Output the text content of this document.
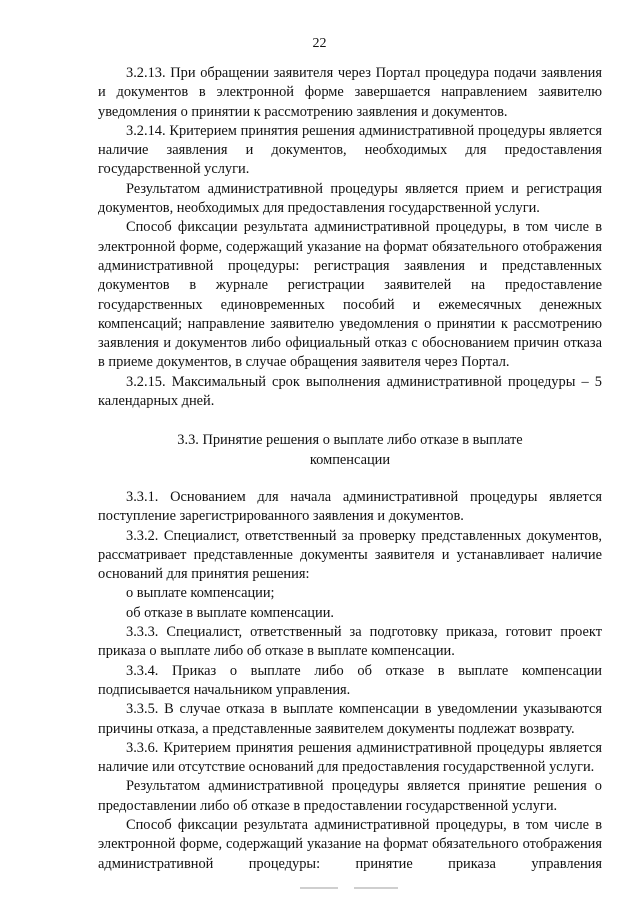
22

3.2.13. При обращении заявителя через Портал процедура подачи заявления и документов в электронной форме завершается направлением заявителю уведомления о принятии к рассмотрению заявления и документов.

3.2.14. Критерием принятия решения административной процедуры является наличие заявления и документов, необходимых для предоставления государственной услуги.

Результатом административной процедуры является прием и регистрация документов, необходимых для предоставления государственной услуги.

Способ фиксации результата административной процедуры, в том числе в электронной форме, содержащий указание на формат обязательного отображения административной процедуры: регистрация заявления и представленных документов в журнале регистрации заявителей на предоставление государственных единовременных пособий и ежемесячных денежных компенсаций; направление заявителю уведомления о принятии к рассмотрению заявления и документов либо официальный отказ с обоснованием причин отказа в приеме документов, в случае обращения заявителя через Портал.

3.2.15. Максимальный срок выполнения административной процедуры – 5 календарных дней.

3.3. Принятие решения о выплате либо отказе в выплате компенсации

3.3.1. Основанием для начала административной процедуры является поступление зарегистрированного заявления и документов.

3.3.2. Специалист, ответственный за проверку представленных документов, рассматривает представленные документы заявителя и устанавливает наличие оснований для принятия решения:

о выплате компенсации;

об отказе в выплате компенсации.

3.3.3. Специалист, ответственный за подготовку приказа, готовит проект приказа о выплате либо об отказе в выплате компенсации.

3.3.4. Приказ о выплате либо об отказе в выплате компенсации подписывается начальником управления.

3.3.5. В случае отказа в выплате компенсации в уведомлении указываются причины отказа, а представленные заявителем документы подлежат возврату.

3.3.6. Критерием принятия решения административной процедуры является наличие или отсутствие оснований для предоставления государственной услуги.

Результатом административной процедуры является принятие решения о предоставлении либо об отказе в предоставлении государственной услуги.

Способ фиксации результата административной процедуры, в том числе в электронной форме, содержащий указание на формат обязательного отображения административной процедуры: принятие приказа управления
